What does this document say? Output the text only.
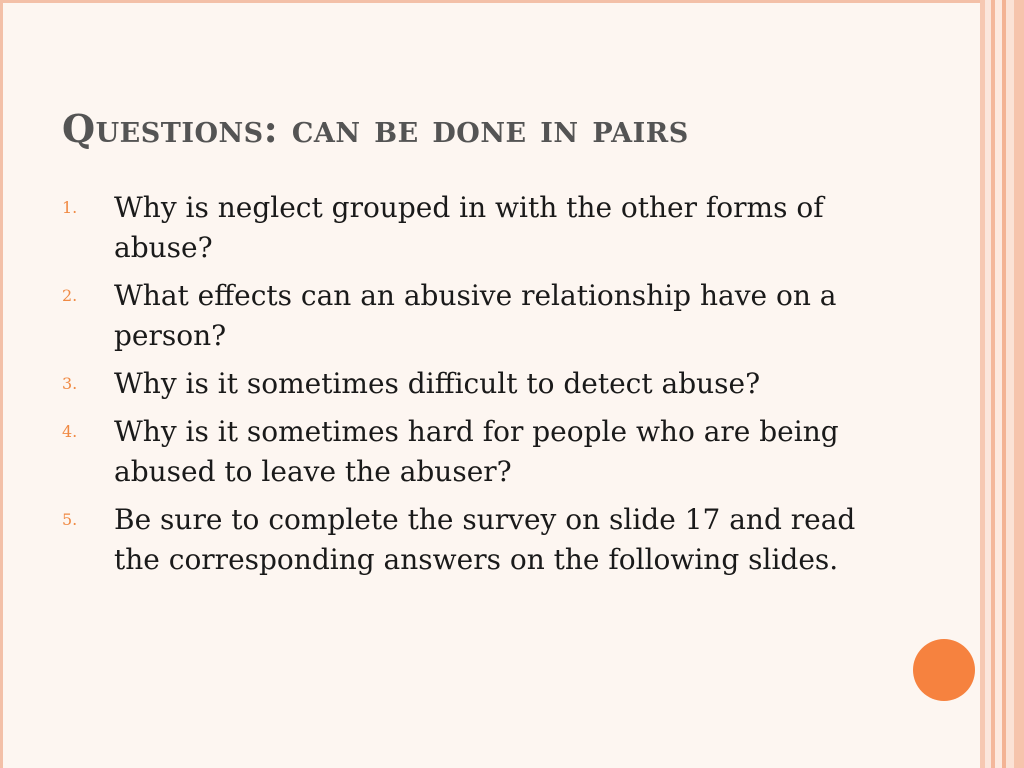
Questions: can be done in pairs
1.	Why is neglect grouped in with the other forms of abuse?
2.	What effects can an abusive relationship have on a person?
3.	Why is it sometimes difficult to detect abuse?
4.	Why is it sometimes hard for people who are being abused to leave the abuser?
5.	Be sure to complete the survey on slide 17 and read the corresponding answers on the following slides.
